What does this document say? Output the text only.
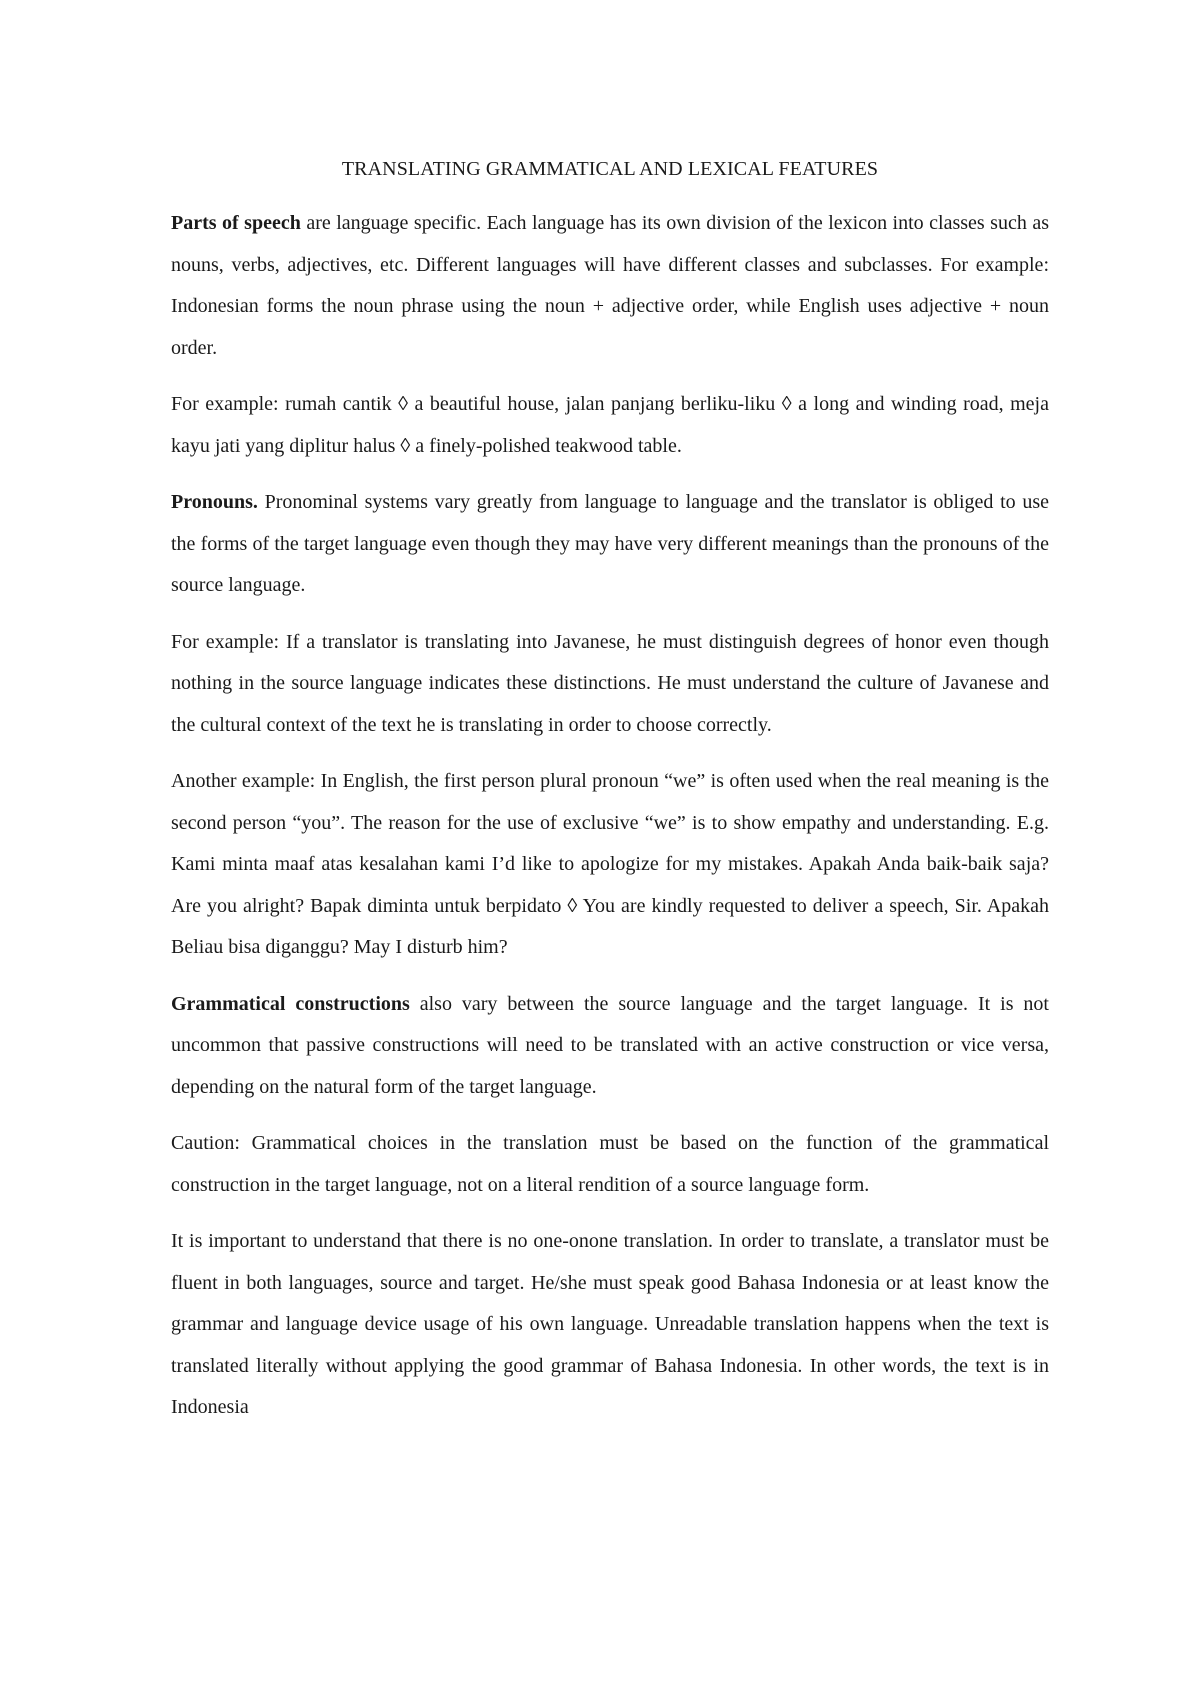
TRANSLATING GRAMMATICAL AND LEXICAL FEATURES

Parts of speech are language specific. Each language has its own division of the lexicon into classes such as nouns, verbs, adjectives, etc. Different languages will have different classes and subclasses. For example: Indonesian forms the noun phrase using the noun + adjective order, while English uses adjective + noun order.

For example: rumah cantik ◊ a beautiful house, jalan panjang berliku-liku ◊ a long and winding road, meja kayu jati yang diplitur halus ◊ a finely-polished teakwood table.

Pronouns. Pronominal systems vary greatly from language to language and the translator is obliged to use the forms of the target language even though they may have very different meanings than the pronouns of the source language.

For example: If a translator is translating into Javanese, he must distinguish degrees of honor even though nothing in the source language indicates these distinctions. He must understand the culture of Javanese and the cultural context of the text he is translating in order to choose correctly.

Another example: In English, the first person plural pronoun “we” is often used when the real meaning is the second person “you”. The reason for the use of exclusive “we” is to show empathy and understanding. E.g. Kami minta maaf atas kesalahan kami I’d like to apologize for my mistakes. Apakah Anda baik-baik saja? Are you alright? Bapak diminta untuk berpidato ◊ You are kindly requested to deliver a speech, Sir. Apakah Beliau bisa diganggu? May I disturb him?

Grammatical constructions also vary between the source language and the target language. It is not uncommon that passive constructions will need to be translated with an active construction or vice versa, depending on the natural form of the target language.

Caution: Grammatical choices in the translation must be based on the function of the grammatical construction in the target language, not on a literal rendition of a source language form.

It is important to understand that there is no one-onone translation. In order to translate, a translator must be fluent in both languages, source and target. He/she must speak good Bahasa Indonesia or at least know the grammar and language device usage of his own language. Unreadable translation happens when the text is translated literally without applying the good grammar of Bahasa Indonesia. In other words, the text is in Indonesia
